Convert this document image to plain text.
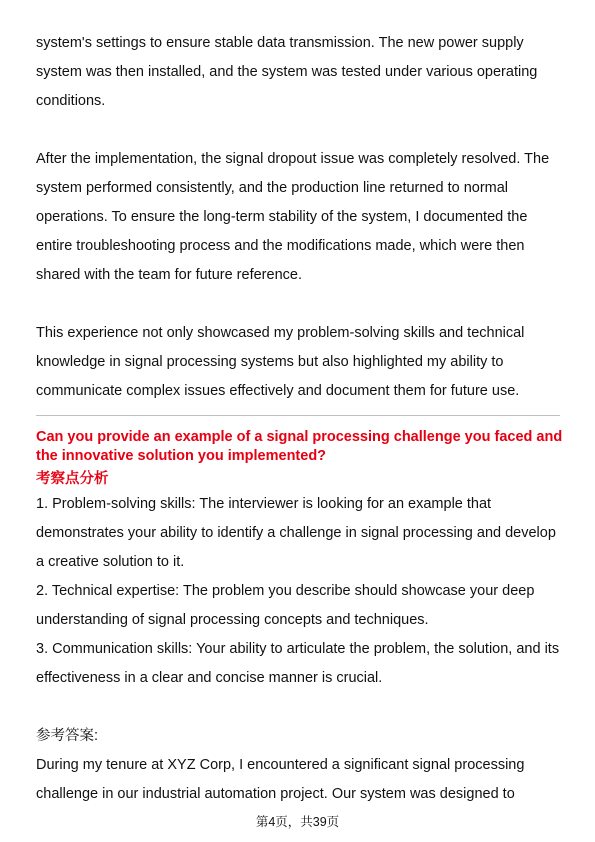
system's settings to ensure stable data transmission. The new power supply

system was then installed, and the system was tested under various operating

conditions.

After the implementation, the signal dropout issue was completely resolved. The

system performed consistently, and the production line returned to normal

operations. To ensure the long-term stability of the system, I documented the

entire troubleshooting process and the modifications made, which were then

shared with the team for future reference.

This experience not only showcased my problem-solving skills and technical

knowledge in signal processing systems but also highlighted my ability to

communicate complex issues effectively and document them for future use.

Can you provide an example of a signal processing challenge you faced and
the innovative solution you implemented?
考察点分析

1. Problem-solving skills: The interviewer is looking for an example that

demonstrates your ability to identify a challenge in signal processing and develop

a creative solution to it.

2. Technical expertise: The problem you describe should showcase your deep

understanding of signal processing concepts and techniques.

3. Communication skills: Your ability to articulate the problem, the solution, and its

effectiveness in a clear and concise manner is crucial.

参考答案:

During my tenure at XYZ Corp, I encountered a significant signal processing

challenge in our industrial automation project. Our system was designed to

第4页，共39页
